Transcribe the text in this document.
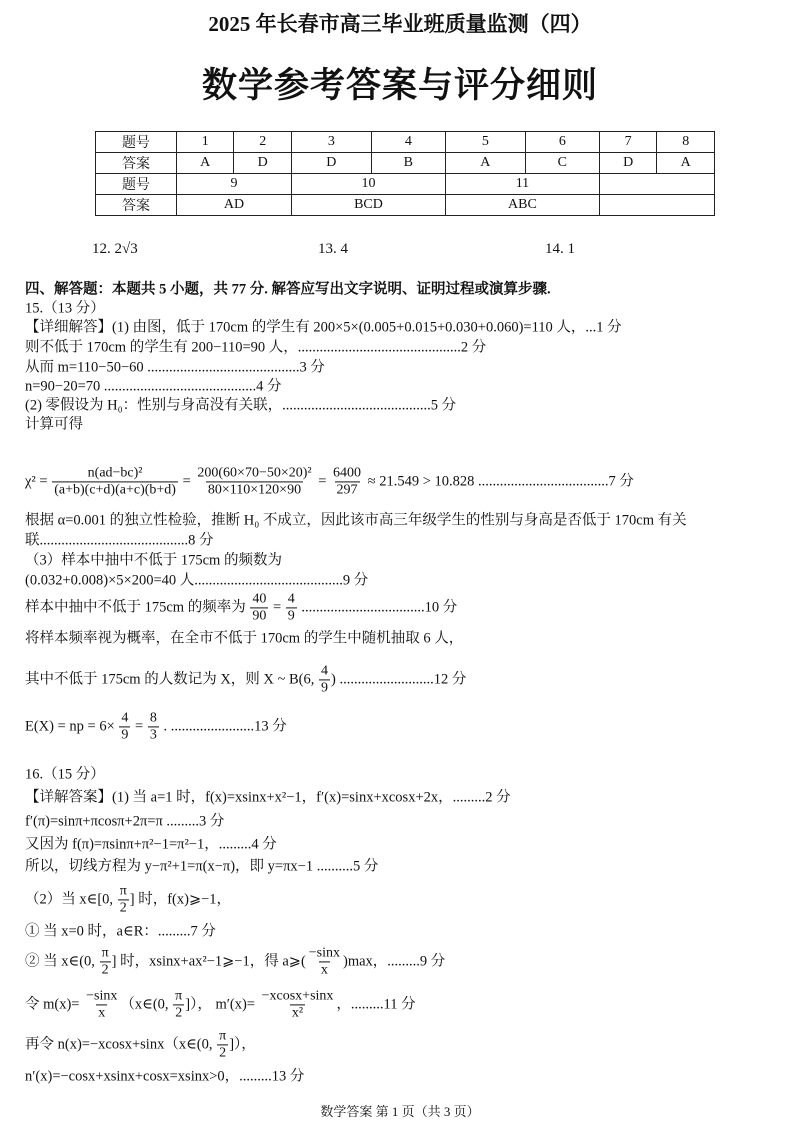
2025 年长春市高三毕业班质量监测（四）
数学参考答案与评分细则
题号	1	2	3	4	5	6	7	8
答案	A	D	D	B	A	C	D	A
题号	9		10		11			
答案	AD		BCD		ABC			
12. 2√3	13. 4	14. 1
四、解答题：本题共 5 小题，共 77 分. 解答应写出文字说明、证明过程或演算步骤.
15.（13 分）
【详细解答】(1) 由图，低于 170cm 的学生有 200×5×(0.005+0.015+0.030+0.060)=110 人，...1 分
则不低于 170cm 的学生有 200−110=90 人，.............................................2 分
从而 m=110−50−60 ..........................................3 分
n=90−20=70 ..........................................4 分
(2) 零假设为 H₀：性别与身高没有关联，.........................................5 分
计算可得
$\chi^2 = \frac{\text{n(ad−bc)²}}{(a+b)(c+d)(a+c)(b+d)} = \frac{\text{200(60×70−50×20)²}}{80\times 110\times 120\times 90} = \frac{6400}{297} \approx 21.549 > 10.828$ ....................................7 分
根据 α=0.001 的独立性检验，推断 H₀ 不成立，因此该市高三年级学生的性别与身高是否低于 170cm 有关
联.........................................8 分
（3）样本中抽中不低于 175cm 的频数为
(0.032+0.008)×5×200=40 人.........................................9 分
样本中抽中不低于 175cm 的频率为 $\frac{40}{90} = \frac{4}{9} ..................................10$ 分
将样本频率视为概率，在全市不低于 170cm 的学生中随机抽取 6 人，
其中不低于 175cm 的人数记为 X，则 X ~ B(6, $\frac{4}{9}$ ) ..........................12 分
E(X) = np = $6\times \frac{4}{9} = \frac{8}{3}$ . .......................13 分
16.（15 分）
【详解答案】(1) 当 a=1 时，f(x)=xsinx+x²−1，f′(x)=sinx+xcosx+2x，.........2 分
f′(π)=sinπ+πcosπ+2π=π .........3 分
又因为 f(π)=πsinπ+π²−1=π²−1，.........4 分
所以，切线方程为 y−π²+1=π(x−π)，即 y=πx−1 ..........5 分
（2）当 x∈[0, $\frac{\pi}{2}$ ] 时，f(x)⩾−1，
① 当 x=0 时，a∈R：.........7 分
② 当 x∈(0, $\frac{\pi}{2}$ ] 时，xsinx+ax²−1⩾−1，得 a⩾( $\frac{-\sin x}{x} )\max$，.........9 分
令 $m(x)= \frac{-\sin x}{x}$ （x∈(0, $\frac{\pi}{2}$ ]）， $m'(x)= \frac{-xcosx+\sin x}{\text{x²}}$ ，.........11 分
再令 n(x)=−xcosx+sinx（x∈(0, $\frac{\pi}{2}$ ]），
n′(x)=−cosx+xsinx+cosx=xsinx>0，.........13 分
数学答案 第 1 页（共 3 页）
